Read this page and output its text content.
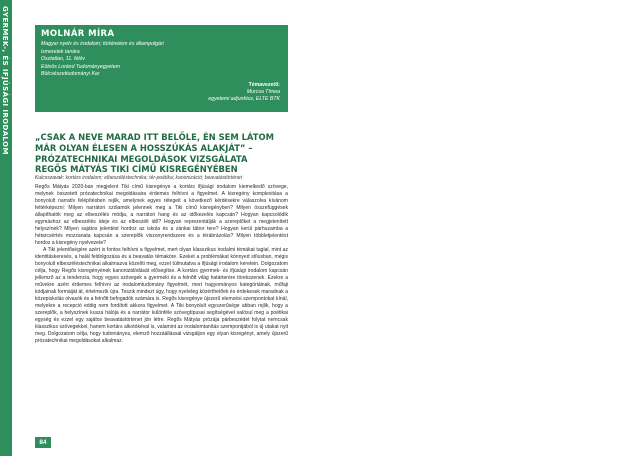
GYERMEK-, ÉS IFJÚSÁGI IRODALOM	MOLNÁR MÍRA
Magyar nyelv és irodalom; történelem és állampolgári
ismeretek tanára
Osztatlan, 11. félév
Eötvös Loránd Tudományegyetem
Bölcsészettudományi Kar
Témavezető:
Murcsa Tímea
egyetemi adjunktus, ELTE BTK
„CSAK A NEVE MARAD ITT BELŐLE, ÉN SEM LÁTOM
MÁR OLYAN ÉLESEN A HOSSZÚKÁS ALAKJÁT” –
PRÓZATECHNIKAI MEGOLDÁSOK VIZSGÁLATA
REGŐS MÁTYÁS TIKI CÍMŰ KISREGÉNYÉBEN
Kulcsszavak: kortárs irodalom; elbeszéléstechnika; tér-poétika; kanonizáció; beavatástörténet

Regős Mátyás 2020-ban megjelent Tiki című kisregénye a kortárs ifjúsági irodalom kiemelkedő szövege, melynek összetett prózatechnikai megoldásaira érdemes felhívni a figyelmet. A kisregény komplexitása a bonyolult narratív felépítésben rejlik, amelynek egyes rétegeit a következő kérdésekre válaszolva kívánom feltérképezni: Milyen narrátori szólamok jelennek meg a Tiki című kisregényben? Milyen összefüggések állapíthatók meg az elbeszélés módja, a narrátori hang és az időkezelés kapcsán? Hogyan kapcsolódik egymáshoz az elbeszélés ideje és az elbeszélt idő? Hogyan reprezentálják a szereplőket a megjelenített helyszínek? Milyen sajátos jelentést hordoz az iskola és a zánkai tábor tere? Hogyan kerül párhuzamba a hétarcsértés mozzanata kapcsán a szereplők viszonyrendszere és a térábrázolás? Milyen többletjelentést hordoz a kisregény nyelvezete?

A Tiki jelentőségére azért is fontos felhívni a figyelmet, mert olyan klasszikus irodalmi témákat taglal, mint az identitáskeresés, a halál feldolgozása és a beavatás témaköre. Ezeket a problémákat könnyed stílusban, mégis bonyolult elbeszéléstechnikai alkalmazva közelíti meg, ezzel túlmutatva a ifjúsági irodalom keretein. Dolgozatom célja, hogy Regős kisregényének kanonizálódását elősegítse. A kortárs gyermek- és ifjúsági irodalom kapcsán jellemző az a tendencia, hogy egyes szövegek a gyermeki és a felnőtt világ határterére törekszenek. Ezekre a művekre azért érdemes felhívni az irodalomtudomány figyelmét, mert hagyományos kategóriáinak, műfaji kódjainak formáiját át, értelmezik újra. Teszik mindezt úgy, hogy nyelvileg közérthetőek és érdekesek maradnak a közepiskolás olvasók és a felnőtt befogadók számára is. Regős kisregénye újszerű elemzési szempontokat kínál, melyekre a recepció eddig nem fordított akkora figyelmet. A Tiki bonyolult egyszerűsége abban rejlik, hogy a szereplők, a helyszínek kusza hálója és a narrátor különféle szövegtípusai segítségével valósul meg a poétikai egység és ezzel egy sajátos beavatástörténet jön létre. Regős Mátyás prózája párbeszédet folytat nemcsak klasszikus szövegekkel, hanem kortárs alkotókéval is, valamint az irodalomtanítás szempontjából is új utakat nyit meg. Dolgozatom célja, hogy tudományos, elemző hozzáállással vizsgáljon egy olyan kisregényt, amely újszerű prózatechnikai megoldásokat alkalmaz.

84
